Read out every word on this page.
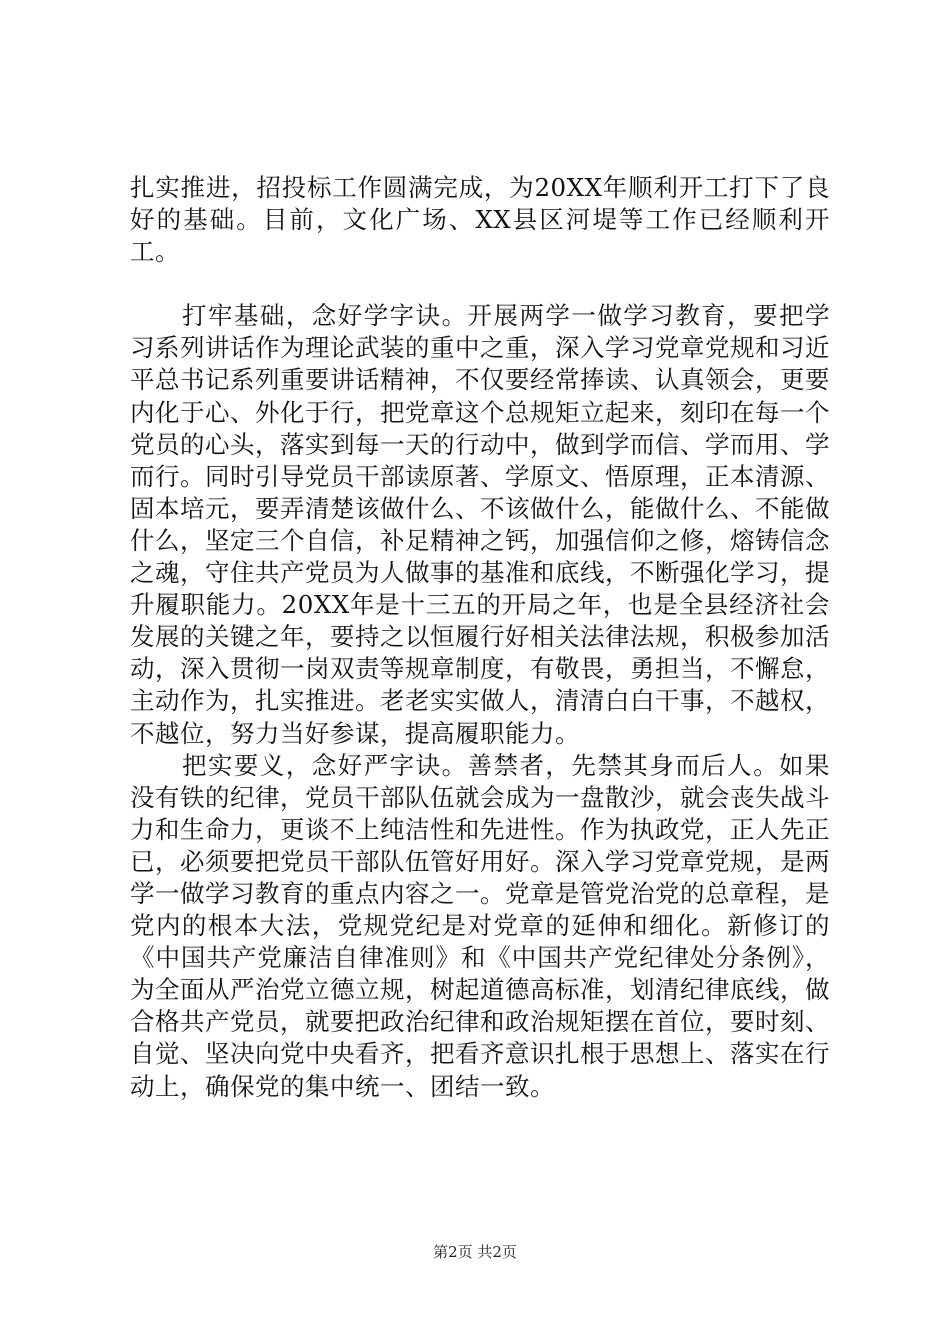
扎实推进，招投标工作圆满完成，为20XX年顺利开工打下了良好的基础。目前，文化广场、XX县区河堤等工作已经顺利开工。

打牢基础，念好学字诀。开展两学一做学习教育，要把学习系列讲话作为理论武装的重中之重，深入学习党章党规和习近平总书记系列重要讲话精神，不仅要经常捧读、认真领会，更要内化于心、外化于行，把党章这个总规矩立起来，刻印在每一个党员的心头，落实到每一天的行动中，做到学而信、学而用、学而行。同时引导党员干部读原著、学原文、悟原理，正本清源、固本培元，要弄清楚该做什么、不该做什么，能做什么、不能做什么，坚定三个自信，补足精神之钙，加强信仰之修，熔铸信念之魂，守住共产党员为人做事的基准和底线，不断强化学习，提升履职能力。20XX年是十三五的开局之年，也是全县经济社会发展的关键之年，要持之以恒履行好相关法律法规，积极参加活动，深入贯彻一岗双责等规章制度，有敬畏，勇担当，不懈怠，主动作为，扎实推进。老老实实做人，清清白白干事，不越权，不越位，努力当好参谋，提高履职能力。

把实要义，念好严字诀。善禁者，先禁其身而后人。如果没有铁的纪律，党员干部队伍就会成为一盘散沙，就会丧失战斗力和生命力，更谈不上纯洁性和先进性。作为执政党，正人先正已，必须要把党员干部队伍管好用好。深入学习党章党规，是两学一做学习教育的重点内容之一。党章是管党治党的总章程，是党内的根本大法，党规党纪是对党章的延伸和细化。新修订的《中国共产党廉洁自律准则》和《中国共产党纪律处分条例》，为全面从严治党立德立规，树起道德高标准，划清纪律底线，做合格共产党员，就要把政治纪律和政治规矩摆在首位，要时刻、自觉、坚决向党中央看齐，把看齐意识扎根于思想上、落实在行动上，确保党的集中统一、团结一致。

第2页 共2页
